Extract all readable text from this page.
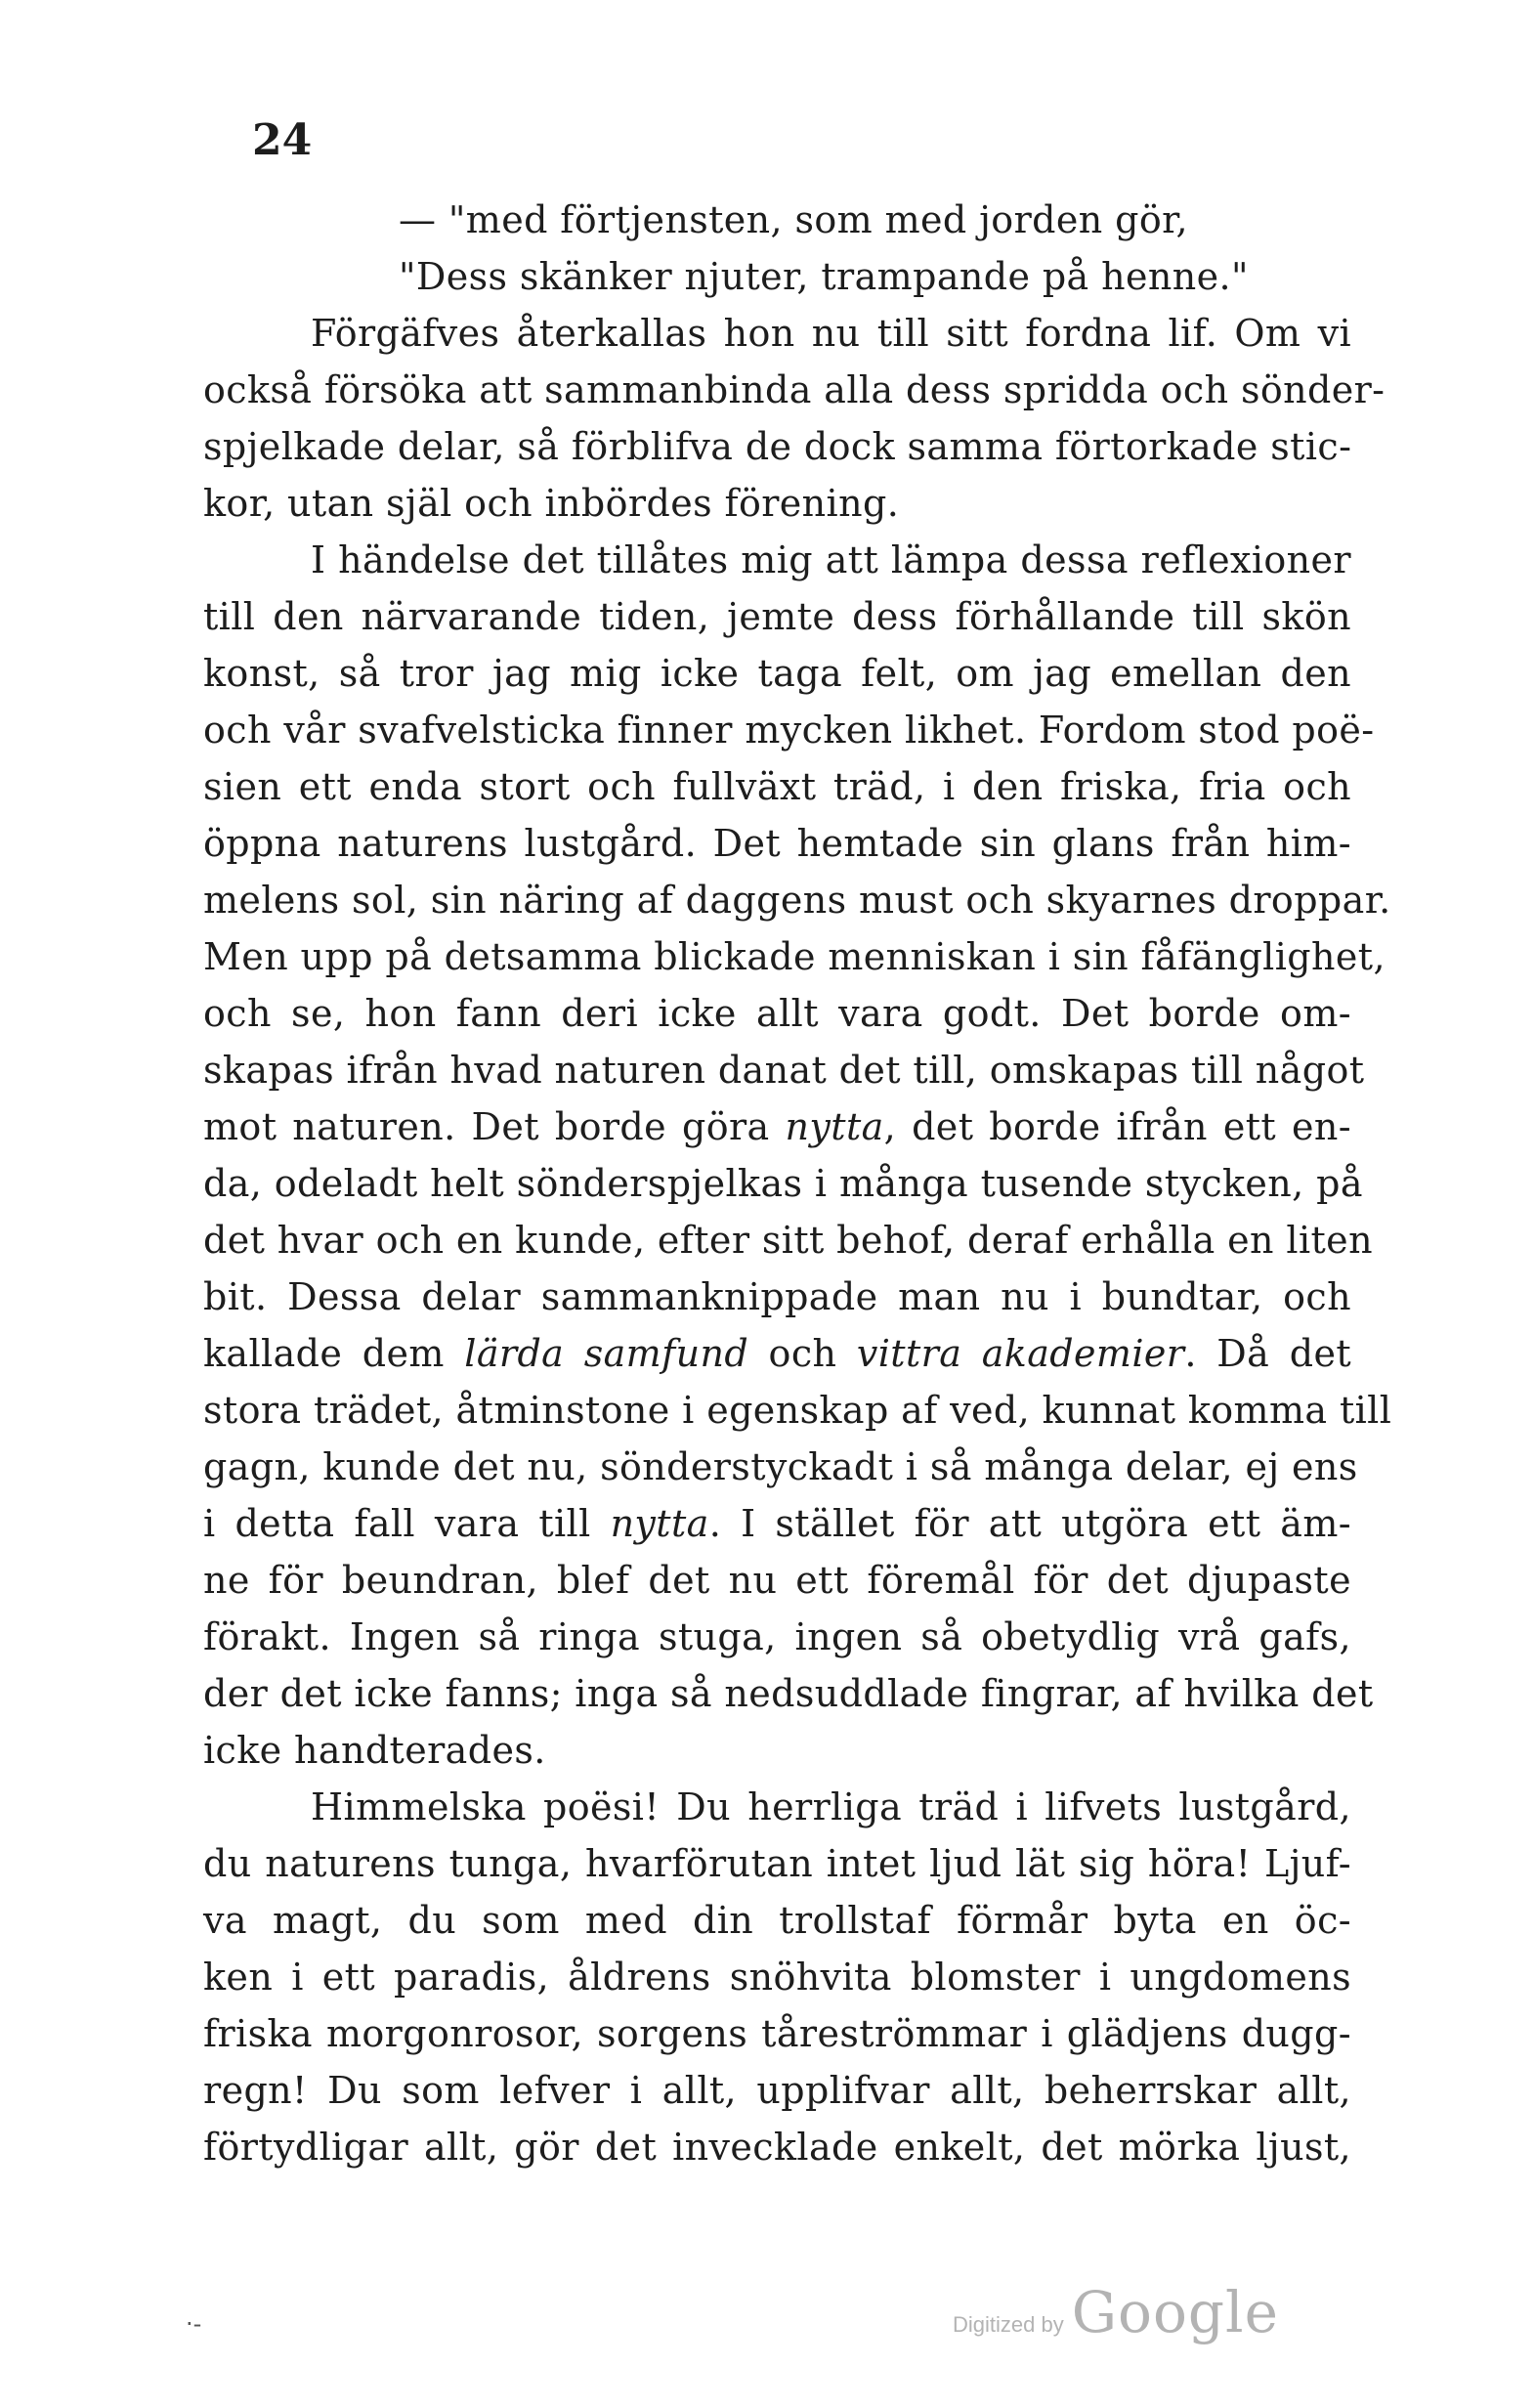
24
— "med förtjensten, som med jorden gör,
"Dess skänker njuter, trampande på henne."
Förgäfves återkallas hon nu till sitt fordna lif. Om vi
också försöka att sammanbinda alla dess spridda och sönder-
spjelkade delar, så förblifva de dock samma förtorkade stic-
kor, utan själ och inbördes förening.
I händelse det tillåtes mig att lämpa dessa reflexioner
till den närvarande tiden, jemte dess förhållande till skön
konst, så tror jag mig icke taga felt, om jag emellan den
och vår svafvelsticka finner mycken likhet. Fordom stod poë-
sien ett enda stort och fullväxt träd, i den friska, fria och
öppna naturens lustgård. Det hemtade sin glans från him-
melens sol, sin näring af daggens must och skyarnes droppar.
Men upp på detsamma blickade menniskan i sin fåfänglighet,
och se, hon fann deri icke allt vara godt. Det borde om-
skapas ifrån hvad naturen danat det till, omskapas till något
mot naturen. Det borde göra nytta, det borde ifrån ett en-
da, odeladt helt sönderspjelkas i många tusende stycken, på
det hvar och en kunde, efter sitt behof, deraf erhålla en liten
bit. Dessa delar sammanknippade man nu i bundtar, och
kallade dem lärda samfund och vittra akademier. Då det
stora trädet, åtminstone i egenskap af ved, kunnat komma till
gagn, kunde det nu, sönderstyckadt i så många delar, ej ens
i detta fall vara till nytta. I stället för att utgöra ett äm-
ne för beundran, blef det nu ett föremål för det djupaste
förakt. Ingen så ringa stuga, ingen så obetydlig vrå gafs,
der det icke fanns; inga så nedsuddlade fingrar, af hvilka det
icke handterades.
Himmelska poësi! Du herrliga träd i lifvets lustgård,
du naturens tunga, hvarförutan intet ljud lät sig höra! Ljuf-
va magt, du som med din trollstaf förmår byta en öc-
ken i ett paradis, åldrens snöhvita blomster i ungdomens
friska morgonrosor, sorgens tåreströmmar i glädjens dugg-
regn! Du som lefver i allt, upplifvar allt, beherrskar allt,
förtydligar allt, gör det invecklade enkelt, det mörka ljust,
·-	Digitized by Google
